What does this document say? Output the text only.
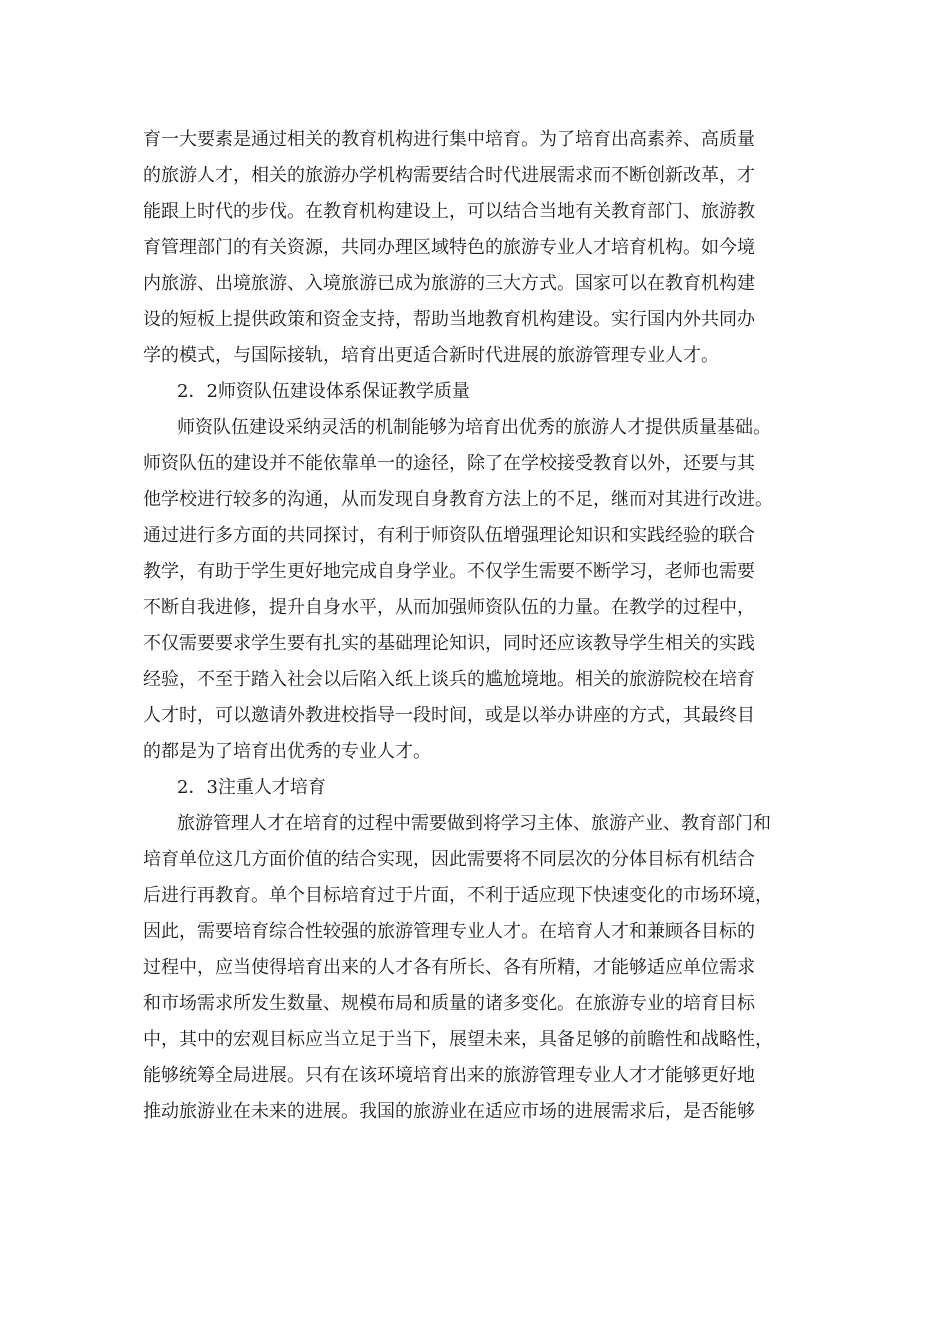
育一大要素是通过相关的教育机构进行集中培育。为了培育出高素养、高质量
的旅游人才，相关的旅游办学机构需要结合时代进展需求而不断创新改革，才
能跟上时代的步伐。在教育机构建设上，可以结合当地有关教育部门、旅游教
育管理部门的有关资源，共同办理区域特色的旅游专业人才培育机构。如今境
内旅游、出境旅游、入境旅游已成为旅游的三大方式。国家可以在教育机构建
设的短板上提供政策和资金支持，帮助当地教育机构建设。实行国内外共同办
学的模式，与国际接轨，培育出更适合新时代进展的旅游管理专业人才。
2．2师资队伍建设体系保证教学质量
师资队伍建设采纳灵活的机制能够为培育出优秀的旅游人才提供质量基础。
师资队伍的建设并不能依靠单一的途径，除了在学校接受教育以外，还要与其
他学校进行较多的沟通，从而发现自身教育方法上的不足，继而对其进行改进。
通过进行多方面的共同探讨，有利于师资队伍增强理论知识和实践经验的联合
教学，有助于学生更好地完成自身学业。不仅学生需要不断学习，老师也需要
不断自我进修，提升自身水平，从而加强师资队伍的力量。在教学的过程中，
不仅需要要求学生要有扎实的基础理论知识，同时还应该教导学生相关的实践
经验，不至于踏入社会以后陷入纸上谈兵的尴尬境地。相关的旅游院校在培育
人才时，可以邀请外教进校指导一段时间，或是以举办讲座的方式，其最终目
的都是为了培育出优秀的专业人才。
2．3注重人才培育
旅游管理人才在培育的过程中需要做到将学习主体、旅游产业、教育部门和
培育单位这几方面价值的结合实现，因此需要将不同层次的分体目标有机结合
后进行再教育。单个目标培育过于片面，不利于适应现下快速变化的市场环境，
因此，需要培育综合性较强的旅游管理专业人才。在培育人才和兼顾各目标的
过程中，应当使得培育出来的人才各有所长、各有所精，才能够适应单位需求
和市场需求所发生数量、规模布局和质量的诸多变化。在旅游专业的培育目标
中，其中的宏观目标应当立足于当下，展望未来，具备足够的前瞻性和战略性，
能够统筹全局进展。只有在该环境培育出来的旅游管理专业人才才能够更好地
推动旅游业在未来的进展。我国的旅游业在适应市场的进展需求后，是否能够
